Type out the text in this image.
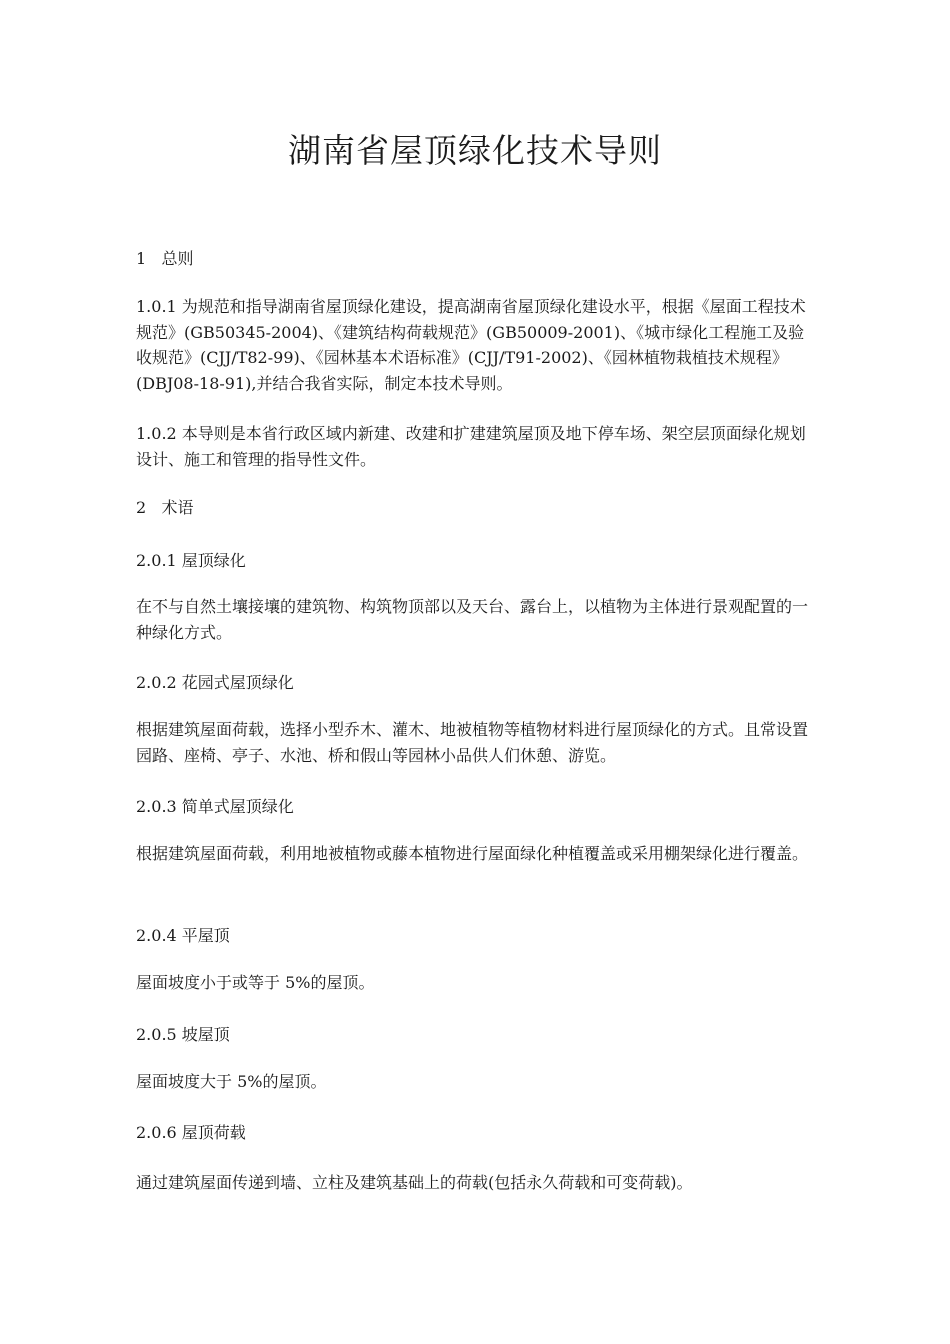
湖南省屋顶绿化技术导则

1   总则

1.0.1 为规范和指导湖南省屋顶绿化建设，提高湖南省屋顶绿化建设水平，根据《屋面工程技术规范》(GB50345-2004)、《建筑结构荷载规范》(GB50009-2001)、《城市绿化工程施工及验收规范》(CJJ/T82-99)、《园林基本术语标准》(CJJ/T91-2002)、《园林植物栽植技术规程》(DBJ08-18-91),并结合我省实际，制定本技术导则。

1.0.2 本导则是本省行政区域内新建、改建和扩建建筑屋顶及地下停车场、架空层顶面绿化规划设计、施工和管理的指导性文件。

2   术语

2.0.1 屋顶绿化

在不与自然土壤接壤的建筑物、构筑物顶部以及天台、露台上，以植物为主体进行景观配置的一种绿化方式。

2.0.2 花园式屋顶绿化

根据建筑屋面荷载，选择小型乔木、灌木、地被植物等植物材料进行屋顶绿化的方式。且常设置园路、座椅、亭子、水池、桥和假山等园林小品供人们休憩、游览。

2.0.3 简单式屋顶绿化

根据建筑屋面荷载，利用地被植物或藤本植物进行屋面绿化种植覆盖或采用棚架绿化进行覆盖。

2.0.4 平屋顶

屋面坡度小于或等于 5%的屋顶。

2.0.5 坡屋顶

屋面坡度大于 5%的屋顶。

2.0.6 屋顶荷载

通过建筑屋面传递到墙、立柱及建筑基础上的荷载(包括永久荷载和可变荷载)。
